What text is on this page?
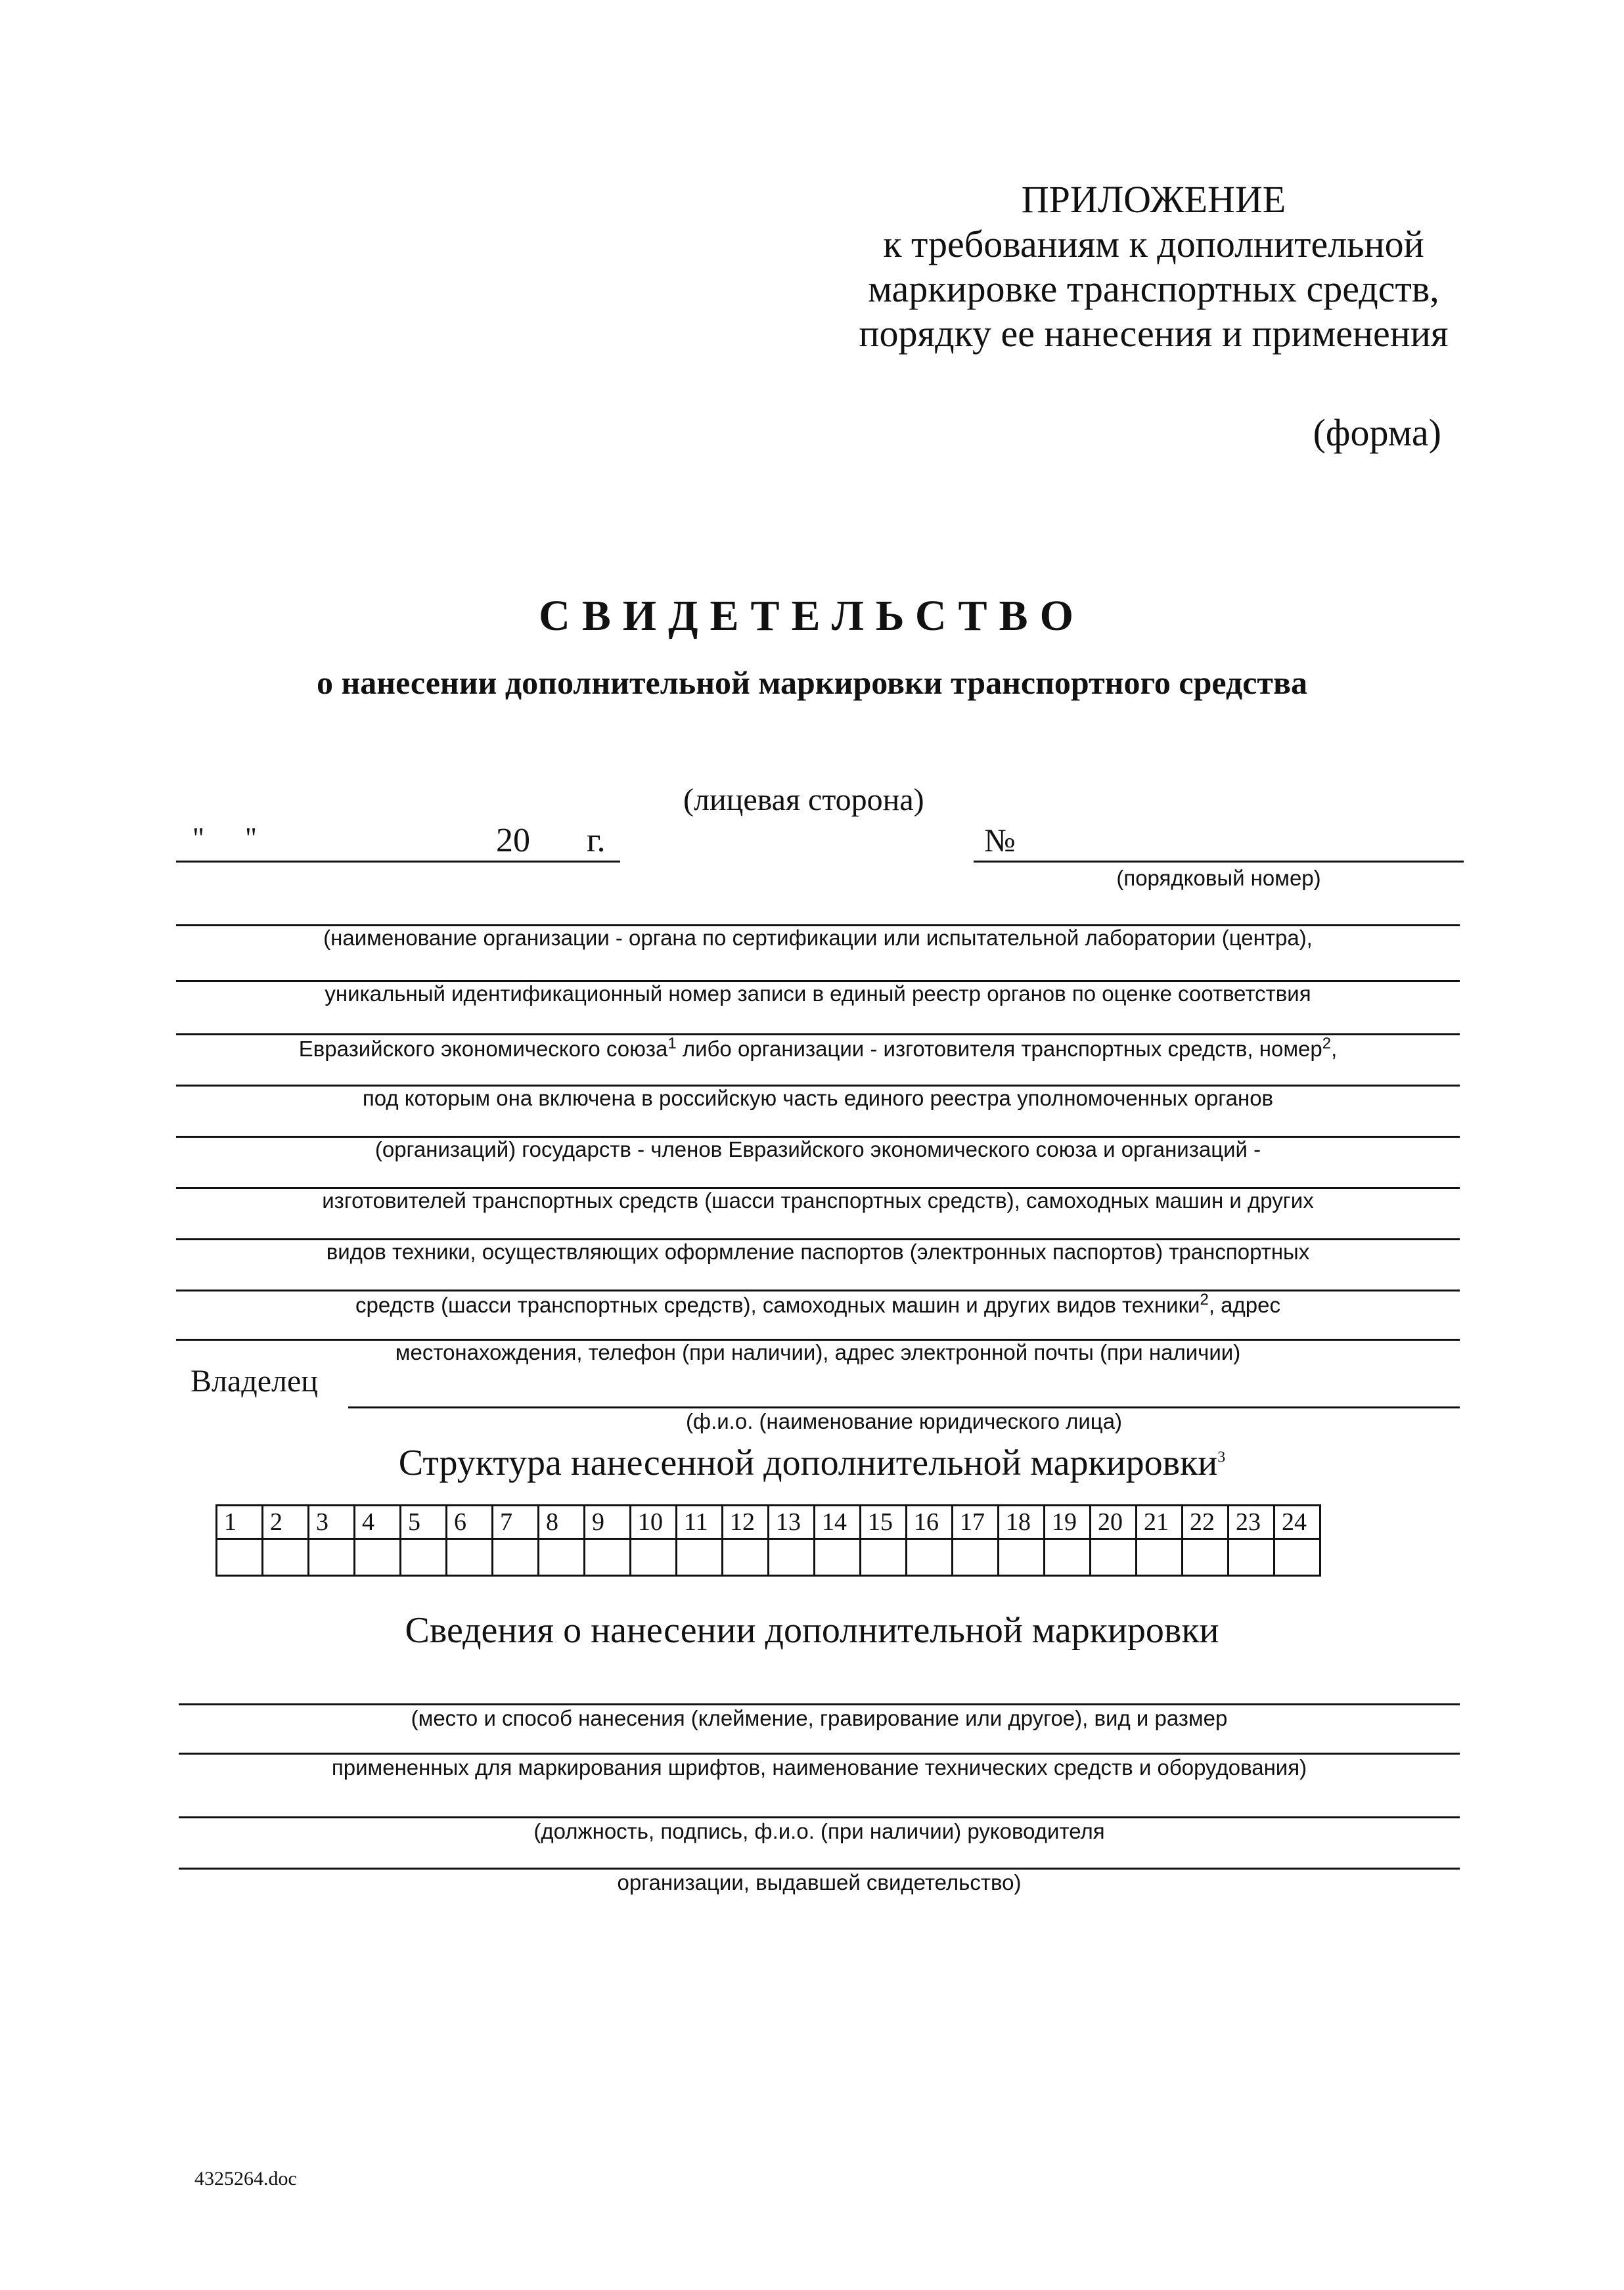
ПРИЛОЖЕНИЕ
к требованиям к дополнительной
маркировке транспортных средств,
порядку ее нанесения и применения
(форма)
СВИДЕТЕЛЬСТВО
о нанесении дополнительной маркировки транспортного средства
(лицевая сторона)
" "	20 г.	№
(порядковый номер)
(наименование организации - органа по сертификации или испытательной лаборатории (центра),
уникальный идентификационный номер записи в единый реестр органов по оценке соответствия
Евразийского экономического союза$^1$ либо организации - изготовителя транспортных средств, номер$^2$,
под которым она включена в российскую часть единого реестра уполномоченных органов
(организаций) государств - членов Евразийского экономического союза и организаций -
изготовителей транспортных средств (шасси транспортных средств), самоходных машин и других
видов техники, осуществляющих оформление паспортов (электронных паспортов) транспортных
средств (шасси транспортных средств), самоходных машин и других видов техники$^2$, адрес
местонахождения, телефон (при наличии), адрес электронной почты (при наличии)
Владелец
(ф.и.о. (наименование юридического лица)
Структура нанесенной дополнительной маркировки$^3$
1	2	3	4	5	6	7	8	9	10	11	12	13	14	15	16	17	18	19	20	21	22	23	24

Сведения о нанесении дополнительной маркировки
(место и способ нанесения (клеймение, гравирование или другое), вид и размер
примененных для маркирования шрифтов, наименование технических средств и оборудования)
(должность, подпись, ф.и.о. (при наличии) руководителя
организации, выдавшей свидетельство)
4325264.doc
